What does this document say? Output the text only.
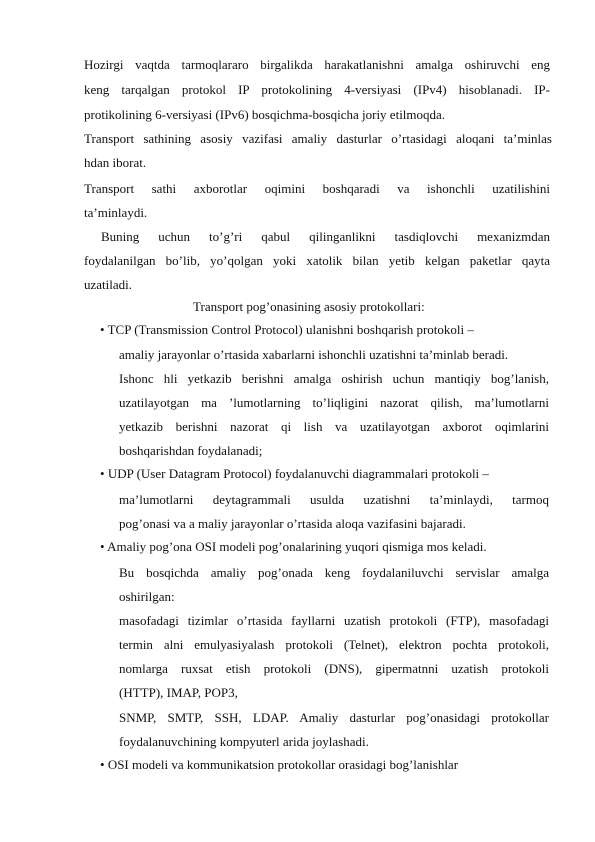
Hozirgi vaqtda tarmoqlararo birgalikda harakatlanishni amalga oshiruvchi eng
keng tarqalgan protokol IP protokolining 4-versiyasi (IPv4) hisoblanadi. IP-
protikolining 6-versiyasi (IPv6) bosqichma-bosqicha joriy etilmoqda.
Transport sathining asosiy vazifasi amaliy dasturlar o’rtasidagi aloqani ta’minlas
hdan iborat.
Transport sathi axborotlar oqimini boshqaradi va ishonchli uzatilishini
ta’minlaydi.
Buning uchun to’g’ri qabul qilinganlikni tasdiqlovchi mexanizmdan
foydalanilgan bo’lib, yo’qolgan yoki xatolik bilan yetib kelgan paketlar qayta
uzatiladi.
Transport pog’onasining asosiy protokollari:
• TCP (Transmission Control Protocol) ulanishni boshqarish protokoli –
amaliy jarayonlar o’rtasida xabarlarni ishonchli uzatishni ta’minlab beradi.
Ishonc hli yetkazib berishni amalga oshirish uchun mantiqiy bog’lanish,
uzatilayotgan ma ’lumotlarning to’liqligini nazorat qilish, ma’lumotlarni
yetkazib berishni nazorat qi lish va uzatilayotgan axborot oqimlarini
boshqarishdan foydalanadi;
• UDP (User Datagram Protocol) foydalanuvchi diagrammalari protokoli –
ma’lumotlarni deytagrammali usulda uzatishni ta’minlaydi, tarmoq
pog’onasi va a maliy jarayonlar o’rtasida aloqa vazifasini bajaradi.
• Amaliy pog’ona OSI modeli pog’onalarining yuqori qismiga mos keladi.
Bu bosqichda amaliy pog’onada keng foydalaniluvchi servislar amalga
oshirilgan:
masofadagi tizimlar o’rtasida fayllarni uzatish protokoli (FTP), masofadagi
termin alni emulyasiyalash protokoli (Telnet), elektron pochta protokoli,
nomlarga ruxsat etish protokoli (DNS), gipermatnni uzatish protokoli
(HTTP), IMAP, POP3,
SNMP, SMTP, SSH, LDAP. Amaliy dasturlar pog’onasidagi protokollar
foydalanuvchining kompyuterl arida joylashadi.
• OSI modeli va kommunikatsion protokollar orasidagi bog’lanishlar
